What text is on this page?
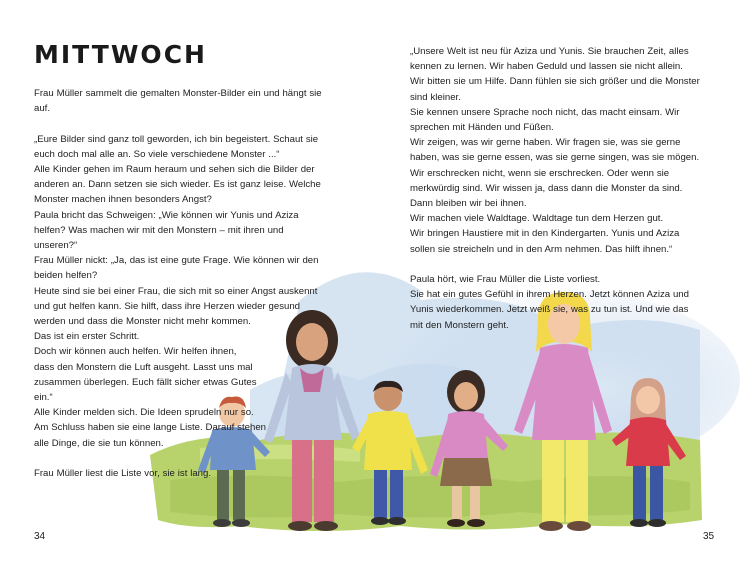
MITTWOCH
Frau Müller sammelt die gemalten Monster-Bilder ein und hängt sie
auf.
„Eure Bilder sind ganz toll geworden, ich bin begeistert. Schaut sie
euch doch mal alle an. So viele verschiedene Monster ...“
Alle Kinder gehen im Raum heraum und sehen sich die Bilder der
anderen an. Dann setzen sie sich wieder. Es ist ganz leise. Welche
Monster machen ihnen besonders Angst?
Paula bricht das Schweigen: „Wie können wir Yunis und Aziza
helfen? Was machen wir mit den Monstern – mit ihren und
unseren?“
Frau Müller nickt: „Ja, das ist eine gute Frage. Wie können wir den
beiden helfen?
Heute sind sie bei einer Frau, die sich mit so einer Angst auskennt
und gut helfen kann. Sie hilft, dass ihre Herzen wieder gesund
werden und dass die Monster nicht mehr kommen.
Das ist ein erster Schritt.
Doch wir können auch helfen. Wir helfen ihnen,
dass den Monstern die Luft ausgeht. Lasst uns mal
zusammen überlegen. Euch fällt sicher etwas Gutes
ein.“
Alle Kinder melden sich. Die Ideen sprudeln nur so.
Am Schluss haben sie eine lange Liste. Darauf stehen
alle Dinge, die sie tun können.
Frau Müller liest die Liste vor, sie ist lang.
„Unsere Welt ist neu für Aziza und Yunis. Sie brauchen Zeit, alles
kennen zu lernen. Wir haben Geduld und lassen sie nicht allein.
Wir bitten sie um Hilfe. Dann fühlen sie sich größer und die Monster
sind kleiner.
Sie kennen unsere Sprache noch nicht, das macht einsam. Wir
sprechen mit Händen und Füßen.
Wir zeigen, was wir gerne haben. Wir fragen sie, was sie gerne
haben, was sie gerne essen, was sie gerne singen, was sie mögen.
Wir erschrecken nicht, wenn sie erschrecken. Oder wenn sie
merkwürdig sind. Wir wissen ja, dass dann die Monster da sind.
Dann bleiben wir bei ihnen.
Wir machen viele Waldtage. Waldtage tun dem Herzen gut.
Wir bringen Haustiere mit in den Kindergarten. Yunis und Aziza
sollen sie streicheln und in den Arm nehmen. Das hilft ihnen.“
Paula hört, wie Frau Müller die Liste vorliest.
Sie hat ein gutes Gefühl in ihrem Herzen. Jetzt können Aziza und
Yunis wiederkommen. Jetzt weiß sie, was zu tun ist. Und wie das
mit den Monstern geht.
34	35
